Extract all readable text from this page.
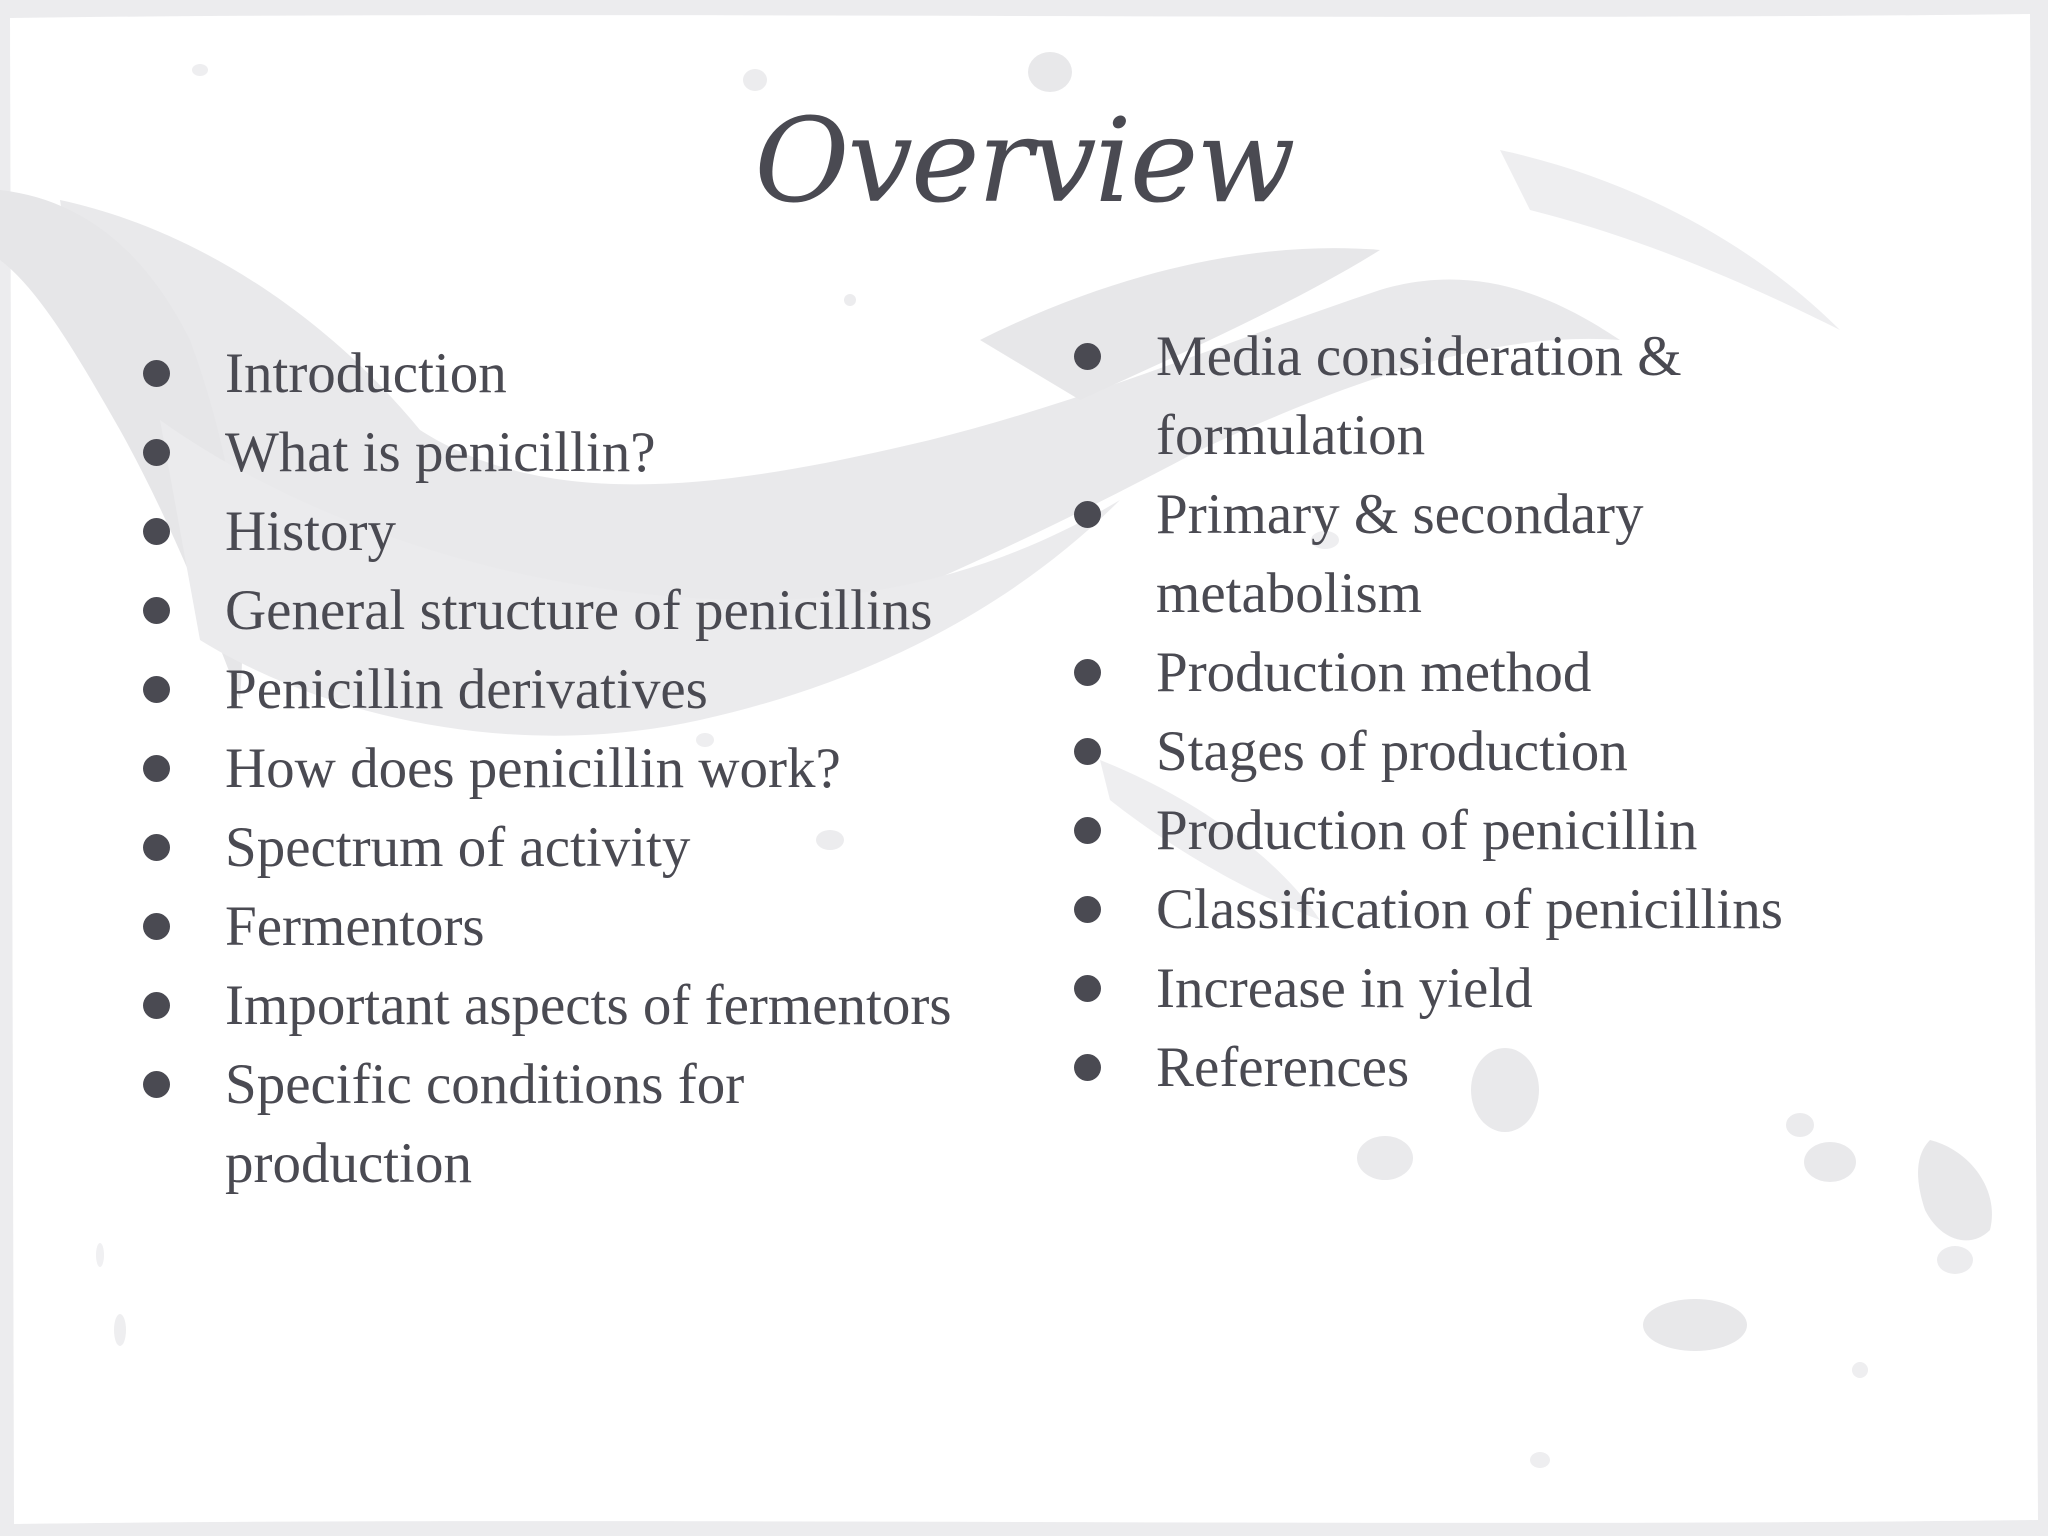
Overview
Introduction
What is penicillin?
History
General structure of penicillins
Penicillin derivatives
How does penicillin work?
Spectrum of activity
Fermentors
Important aspects of fermentors
Specific conditions for
production
Media consideration &
formulation
Primary & secondary
metabolism
Production method
Stages of production
Production of penicillin
Classification of penicillins
Increase in yield
References
